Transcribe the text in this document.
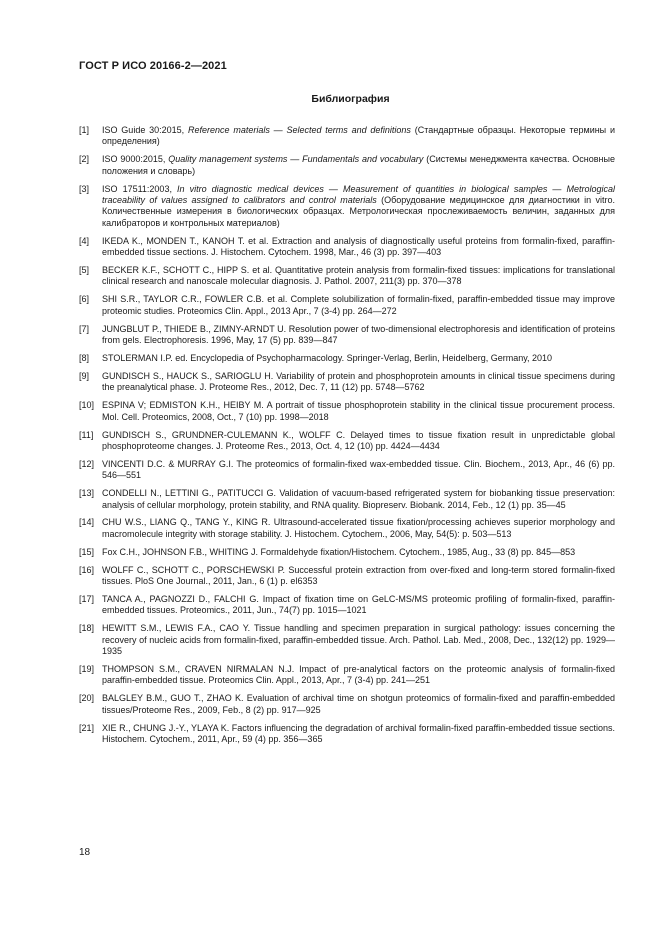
ГОСТ Р ИСО 20166-2—2021
Библиография
[1]	ISO Guide 30:2015, Reference materials — Selected terms and definitions (Стандартные образцы. Некоторые термины и определения)
[2]	ISO 9000:2015, Quality management systems — Fundamentals and vocabulary (Системы менеджмента качества. Основные положения и словарь)
[3]	ISO 17511:2003, In vitro diagnostic medical devices — Measurement of quantities in biological samples — Metrological traceability of values assigned to calibrators and control materials (Оборудование медицинское для диагностики in vitro. Количественные измерения в биологических образцах. Метрологическая прослеживаемость величин, заданных для калибраторов и контрольных материалов)
[4]	IKEDA K., MONDEN T., KANOH T. et al. Extraction and analysis of diagnostically useful proteins from formalin-fixed, paraffin-embedded tissue sections. J. Histochem. Cytochem. 1998, Mar., 46 (3) pp. 397—403
[5]	BECKER K.F., SCHOTT C., HIPP S. et al. Quantitative protein analysis from formalin-fixed tissues: implications for translational clinical research and nanoscale molecular diagnosis. J. Pathol. 2007, 211(3) pp. 370—378
[6]	SHI S.R., TAYLOR C.R., FOWLER C.B. et al. Complete solubilization of formalin-fixed, paraffin-embedded tissue may improve proteomic studies. Proteomics Clin. Appl., 2013 Apr., 7 (3-4) pp. 264—272
[7]	JUNGBLUT P., THIEDE B., ZIMNY-ARNDT U. Resolution power of two-dimensional electrophoresis and identification of proteins from gels. Electrophoresis. 1996, May, 17 (5) pp. 839—847
[8]	STOLERMAN I.P. ed. Encyclopedia of Psychopharmacology. Springer-Verlag, Berlin, Heidelberg, Germany, 2010
[9]	GUNDISCH S., HAUCK S., SARIOGLU H. Variability of protein and phosphoprotein amounts in clinical tissue specimens during the preanalytical phase. J. Proteome Res., 2012, Dec. 7, 11 (12) pp. 5748—5762
[10] ESPINA V; EDMISTON K.H., HEIBY M. A portrait of tissue phosphoprotein stability in the clinical tissue procurement process. Mol. Cell. Proteomics, 2008, Oct., 7 (10) pp. 1998—2018
[11] GUNDISCH S., GRUNDNER-CULEMANN K., WOLFF C. Delayed times to tissue fixation result in unpredictable global phosphoproteome changes. J. Proteome Res., 2013, Oct. 4, 12 (10) pp. 4424—4434
[12] VINCENTI D.C. & MURRAY G.I. The proteomics of formalin-fixed wax-embedded tissue. Clin. Biochem., 2013, Apr., 46 (6) pp. 546—551
[13] CONDELLI N., LETTINI G., PATITUCCI G. Validation of vacuum-based refrigerated system for biobanking tissue preservation: analysis of cellular morphology, protein stability, and RNA quality. Biopreserv. Biobank. 2014, Feb., 12 (1) pp. 35—45
[14] CHU W.S., LIANG Q., TANG Y., KING R. Ultrasound-accelerated tissue fixation/processing achieves superior morphology and macromolecule integrity with storage stability. J. Histochem. Cytochem., 2006, May, 54(5): p. 503—513
[15] Fox C.H., JOHNSON F.B., WHITING J. Formaldehyde fixation/Histochem. Cytochem., 1985, Aug., 33 (8) pp. 845—853
[16] WOLFF C., SCHOTT C., PORSCHEWSKI P. Successful protein extraction from over-fixed and long-term stored formalin-fixed tissues. PloS One Journal., 2011, Jan., 6 (1) p. el6353
[17] TANCA A., PAGNOZZI D., FALCHI G. Impact of fixation time on GeLC-MS/MS proteomic profiling of formalin-fixed, paraffin-embedded tissues. Proteomics., 2011, Jun., 74(7) pp. 1015—1021
[18] HEWITT S.M., LEWIS F.A., CAO Y. Tissue handling and specimen preparation in surgical pathology: issues concerning the recovery of nucleic acids from formalin-fixed, paraffin-embedded tissue. Arch. Pathol. Lab. Med., 2008, Dec., 132(12) pp. 1929—1935
[19] THOMPSON S.M., CRAVEN NIRMALAN N.J. Impact of pre-analytical factors on the proteomic analysis of formalin-fixed paraffin-embedded tissue. Proteomics Clin. Appl., 2013, Apr., 7 (3-4) pp. 241—251
[20] BALGLEY B.M., GUO T., ZHAO K. Evaluation of archival time on shotgun proteomics of formalin-fixed and paraffin-embedded tissues/Proteome Res., 2009, Feb., 8 (2) pp. 917—925
[21] XIE R., CHUNG J.-Y., YLAYA K. Factors influencing the degradation of archival formalin-fixed paraffin-embedded tissue sections. Histochem. Cytochem., 2011, Apr., 59 (4) pp. 356—365
18
